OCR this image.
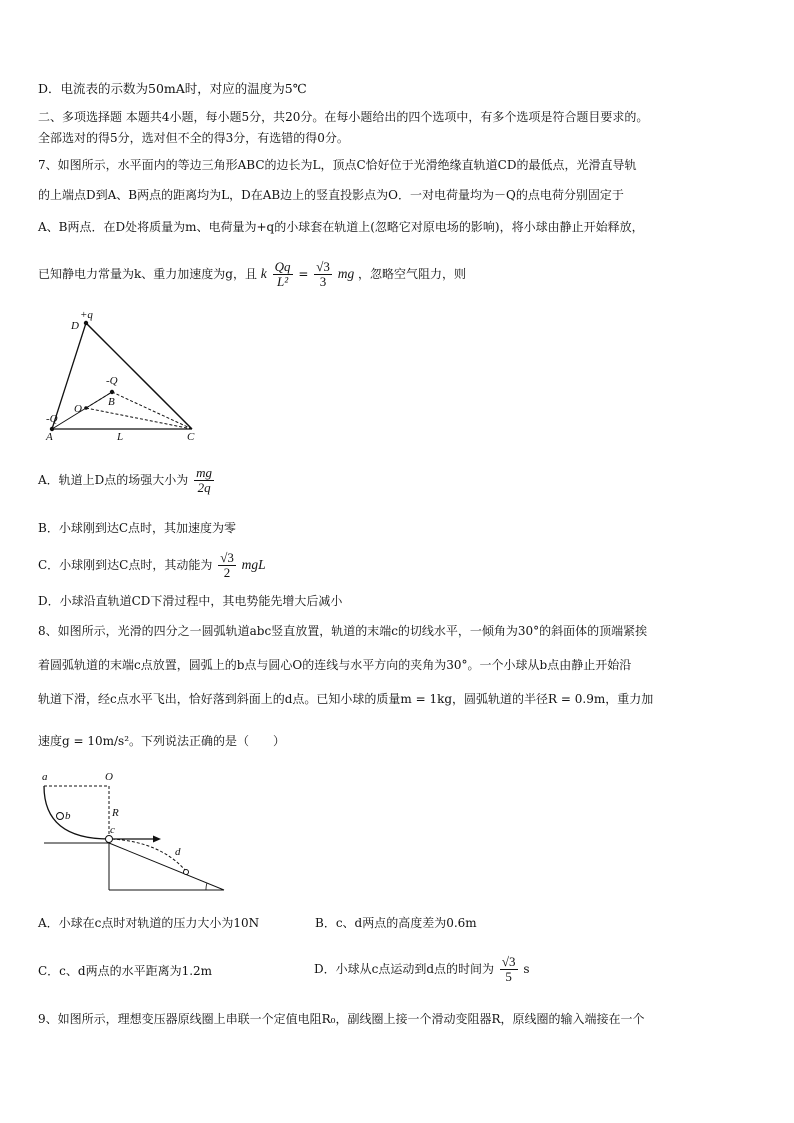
D．电流表的示数为50mA时，对应的温度为5℃
二、多项选择题 本题共4小题，每小题5分，共20分。在每小题给出的四个选项中，有多个选项是符合题目要求的。
全部选对的得5分，选对但不全的得3分，有选错的得0分。
7、如图所示，水平面内的等边三角形ABC的边长为L，顶点C恰好位于光滑绝缘直轨道CD的最低点，光滑直导轨
的上端点D到A、B两点的距离均为L，D在AB边上的竖直投影点为O．一对电荷量均为－Q的点电荷分别固定于
A、B两点．在D处将质量为m、电荷量为+q的小球套在轨道上(忽略它对原电场的影响)，将小球由静止开始释放，
已知静电力常量为k、重力加速度为g，且 k $\frac{Qq}{\text{L²}} = \frac{√3}{3}$ mg ，忽略空气阻力，则
+q
D
-Q
B
O
-Q
A	L	C
A．轨道上D点的场强大小为 $\frac{mg}{2q}$
B．小球刚到达C点时，其加速度为零
C．小球刚到达C点时，其动能为 $\frac{√3}{2}$ mgL
D．小球沿直轨道CD下滑过程中，其电势能先增大后减小
8、如图所示，光滑的四分之一圆弧轨道abc竖直放置，轨道的末端c的切线水平，一倾角为30°的斜面体的顶端紧挨
着圆弧轨道的末端c点放置，圆弧上的b点与圆心O的连线与水平方向的夹角为30°。一个小球从b点由静止开始沿
轨道下滑，经c点水平飞出，恰好落到斜面上的d点。已知小球的质量m = 1kg，圆弧轨道的半径R = 0.9m，重力加
速度g = 10m/s²。下列说法正确的是（　　）
a	O
R
b
c
d
A．小球在c点时对轨道的压力大小为10N	B．c、d两点的高度差为0.6m
C．c、d两点的水平距离为1.2m	D．小球从c点运动到d点的时间为 $\frac{√3}{5}$ s
9、如图所示，理想变压器原线圈上串联一个定值电阻R₀，副线圈上接一个滑动变阻器R，原线圈的输入端接在一个
